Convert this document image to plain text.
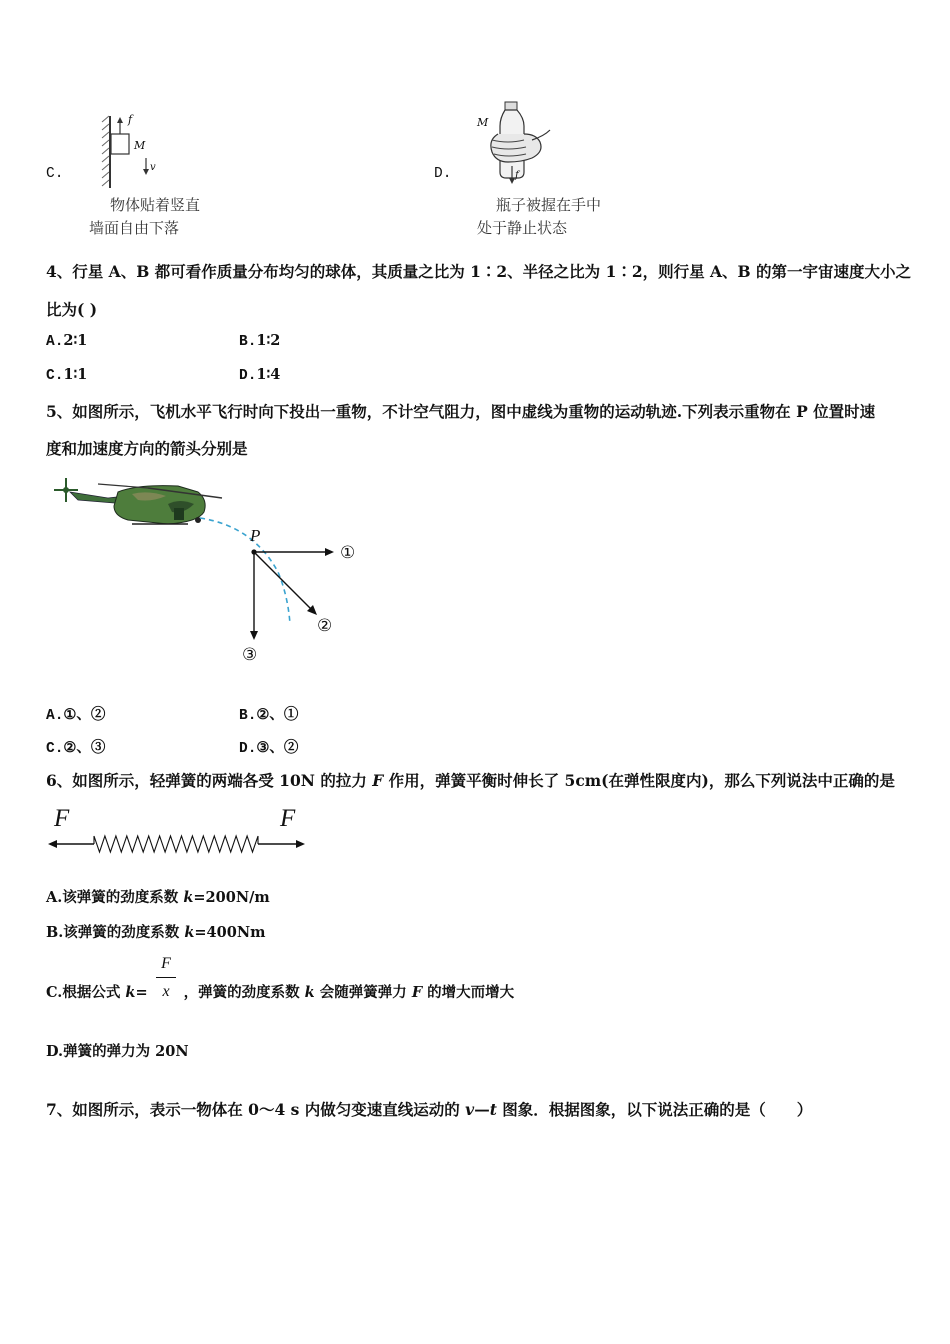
C.
f
M
v
物体贴着竖直
墙面自由下落
D.
M
f
瓶子被握在手中
处于静止状态
4、行星 A、B 都可看作质量分布均匀的球体，其质量之比为 1∶2、半径之比为 1∶2，则行星 A、B 的第一宇宙速度大小之
比为( )
A.2∶1	B.1∶2
C.1∶1	D.1∶4
5、如图所示，飞机水平飞行时向下投出一重物，不计空气阻力，图中虚线为重物的运动轨迹.下列表示重物在 P 位置时速
度和加速度方向的箭头分别是
P
①
②
③
A.①、②	B.②、①
C.②、③	D.③、②
6、如图所示，轻弹簧的两端各受 10N 的拉力 F 作用，弹簧平衡时伸长了 5cm(在弹性限度内)，那么下列说法中正确的是
F	F
A.该弹簧的劲度系数 k=200N/m
B.该弹簧的劲度系数 k=400Nm
C.根据公式 k= ，弹簧的劲度系数 k 会随弹簧弹力 F 的增大而增大
F
x
D.弹簧的弹力为 20N
7、如图所示，表示一物体在 0～4 s 内做匀变速直线运动的 v—t 图象．根据图象，以下说法正确的是（　　）
